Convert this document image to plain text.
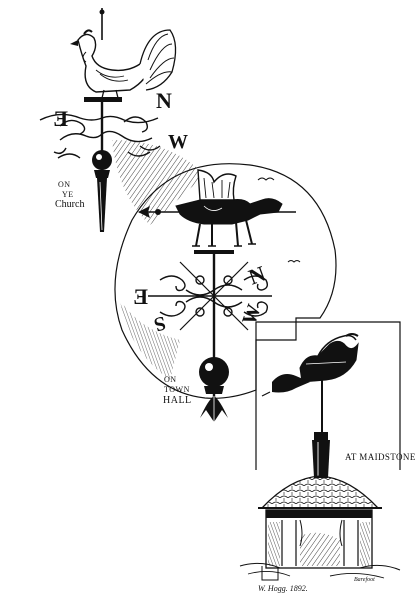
N
E
W
N
E
W
S
ON
YE
Church
ON
TOWN
HALL
AT MAIDSTONE
W. Hogg. 1892.
Barefoot
